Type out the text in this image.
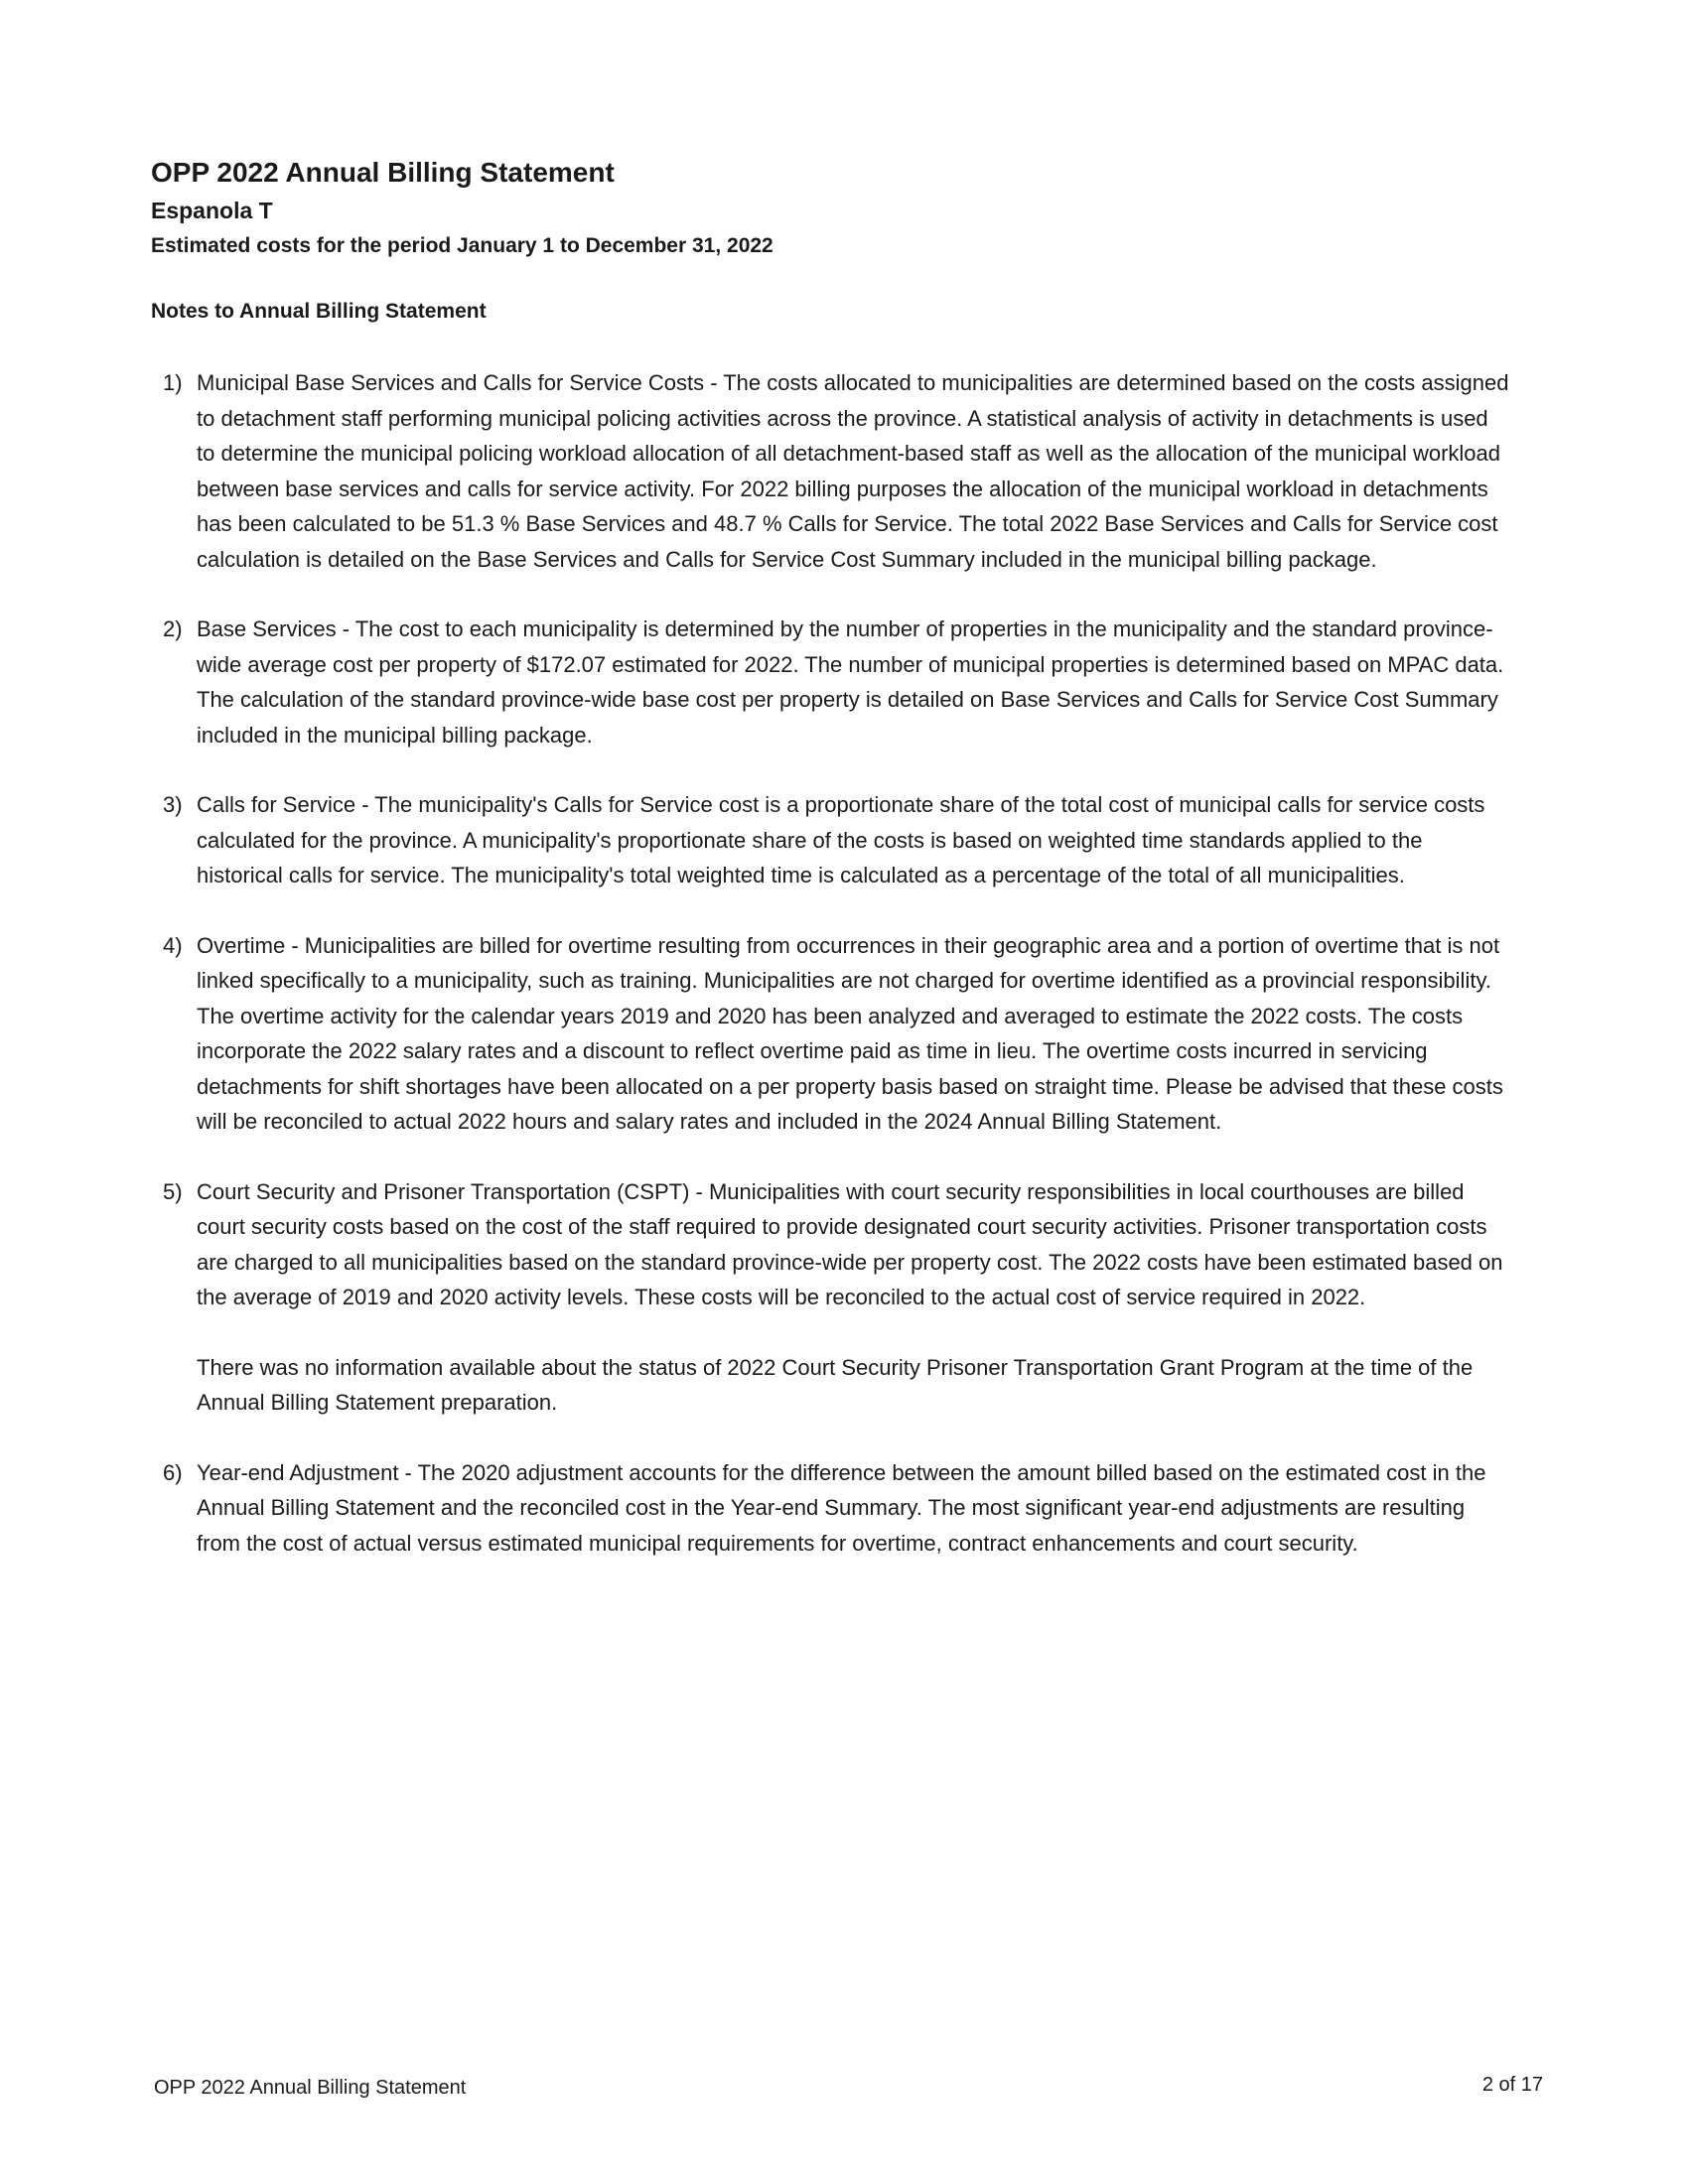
OPP 2022 Annual Billing Statement

Espanola T

Estimated costs for the period January 1 to December 31, 2022

Notes to Annual Billing Statement

1) Municipal Base Services and Calls for Service Costs - The costs allocated to municipalities are determined based on the costs assigned to detachment staff performing municipal policing activities across the province. A statistical analysis of activity in detachments is used to determine the municipal policing workload allocation of all detachment-based staff as well as the allocation of the municipal workload between base services and calls for service activity. For 2022 billing purposes the allocation of the municipal workload in detachments has been calculated to be 51.3 % Base Services and 48.7 % Calls for Service. The total 2022 Base Services and Calls for Service cost calculation is detailed on the Base Services and Calls for Service Cost Summary included in the municipal billing package.
2) Base Services - The cost to each municipality is determined by the number of properties in the municipality and the standard province-wide average cost per property of $172.07 estimated for 2022. The number of municipal properties is determined based on MPAC data. The calculation of the standard province-wide base cost per property is detailed on Base Services and Calls for Service Cost Summary included in the municipal billing package.
3) Calls for Service - The municipality's Calls for Service cost is a proportionate share of the total cost of municipal calls for service costs calculated for the province. A municipality's proportionate share of the costs is based on weighted time standards applied to the historical calls for service. The municipality's total weighted time is calculated as a percentage of the total of all municipalities.
4) Overtime - Municipalities are billed for overtime resulting from occurrences in their geographic area and a portion of overtime that is not linked specifically to a municipality, such as training. Municipalities are not charged for overtime identified as a provincial responsibility. The overtime activity for the calendar years 2019 and 2020 has been analyzed and averaged to estimate the 2022 costs. The costs incorporate the 2022 salary rates and a discount to reflect overtime paid as time in lieu. The overtime costs incurred in servicing detachments for shift shortages have been allocated on a per property basis based on straight time. Please be advised that these costs will be reconciled to actual 2022 hours and salary rates and included in the 2024 Annual Billing Statement.
5) Court Security and Prisoner Transportation (CSPT) - Municipalities with court security responsibilities in local courthouses are billed court security costs based on the cost of the staff required to provide designated court security activities. Prisoner transportation costs are charged to all municipalities based on the standard province-wide per property cost. The 2022 costs have been estimated based on the average of 2019 and 2020 activity levels. These costs will be reconciled to the actual cost of service required in 2022.

There was no information available about the status of 2022 Court Security Prisoner Transportation Grant Program at the time of the Annual Billing Statement preparation.

6) Year-end Adjustment - The 2020 adjustment accounts for the difference between the amount billed based on the estimated cost in the Annual Billing Statement and the reconciled cost in the Year-end Summary. The most significant year-end adjustments are resulting from the cost of actual versus estimated municipal requirements for overtime, contract enhancements and court security.
OPP 2022 Annual Billing Statement	2 of 17
